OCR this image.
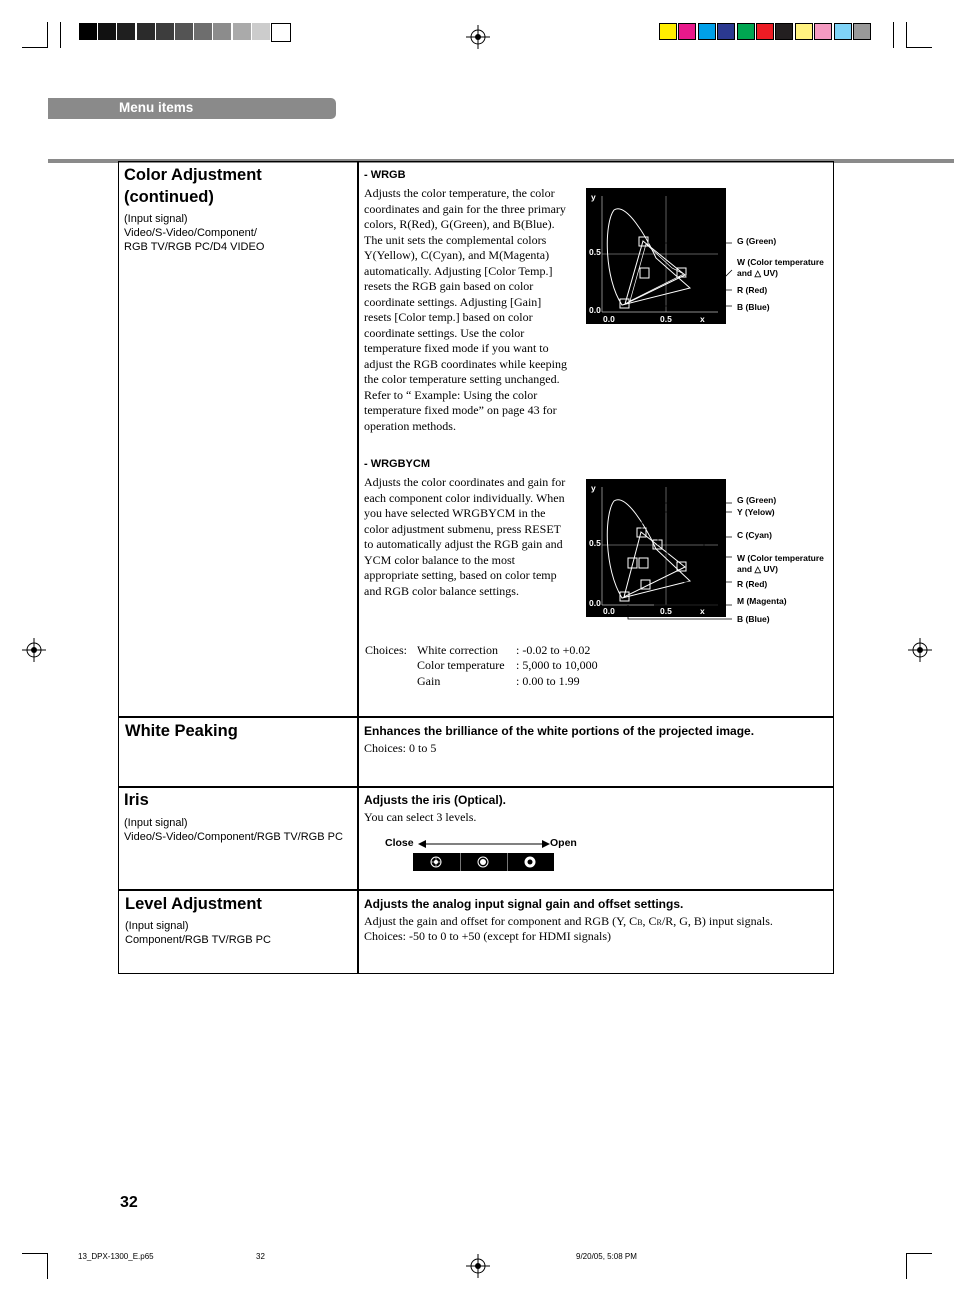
Menu items
Color Adjustment (continued)
(Input signal)
Video/S-Video/Component/
RGB TV/RGB PC/D4 VIDEO
- WRGB
Adjusts the color temperature, the color coordinates and gain for the three primary colors, R(Red), G(Green), and B(Blue). The unit sets the complemental colors Y(Yellow), C(Cyan), and M(Magenta) automatically. Adjusting [Color Temp.] resets the RGB gain based on color coordinate settings. Adjusting [Gain] resets [Color temp.] based on color coordinate settings. Use the color temperature fixed mode if you want to adjust the RGB coordinates while keeping the color temperature setting unchanged. Refer to “ Example: Using the color temperature fixed mode” on page 43 for operation methods.
y
0.5
0.0
0.0	0.5	x
G (Green)
W (Color temperature
and △ UV)
R (Red)
B (Blue)
- WRGBYCM
Adjusts the color coordinates and gain for each component color individually. When you have selected WRGBYCM in the color adjustment submenu, press RESET to automatically adjust the RGB gain and YCM color balance to the most appropriate setting, based on color temp and RGB color balance settings.
y
0.5
0.0
0.0	0.5	x
G (Green)
Y (Yelow)
C (Cyan)
W (Color temperature
and △ UV)
R (Red)
M (Magenta)
B (Blue)
Choices: White correction : -0.02 to +0.02
Color temperature : 5,000 to 10,000
Gain	: 0.00 to 1.99
White Peaking	Enhances the brilliance of the white portions of the projected image.
Choices: 0 to 5
Iris
(Input signal)
Video/S-Video/Component/RGB TV/RGB PC
Adjusts the iris (Optical).
You can select 3 levels.
Close	Open
Level Adjustment
(Input signal)
Component/RGB TV/RGB PC
Adjusts the analog input signal gain and offset settings.
Adjust the gain and offset for component and RGB (Y, CB, CR/R, G, B) input signals.
Choices: -50 to 0 to +50 (except for HDMI signals)
32
13_DPX-1300_E.p65	32	9/20/05, 5:08 PM
